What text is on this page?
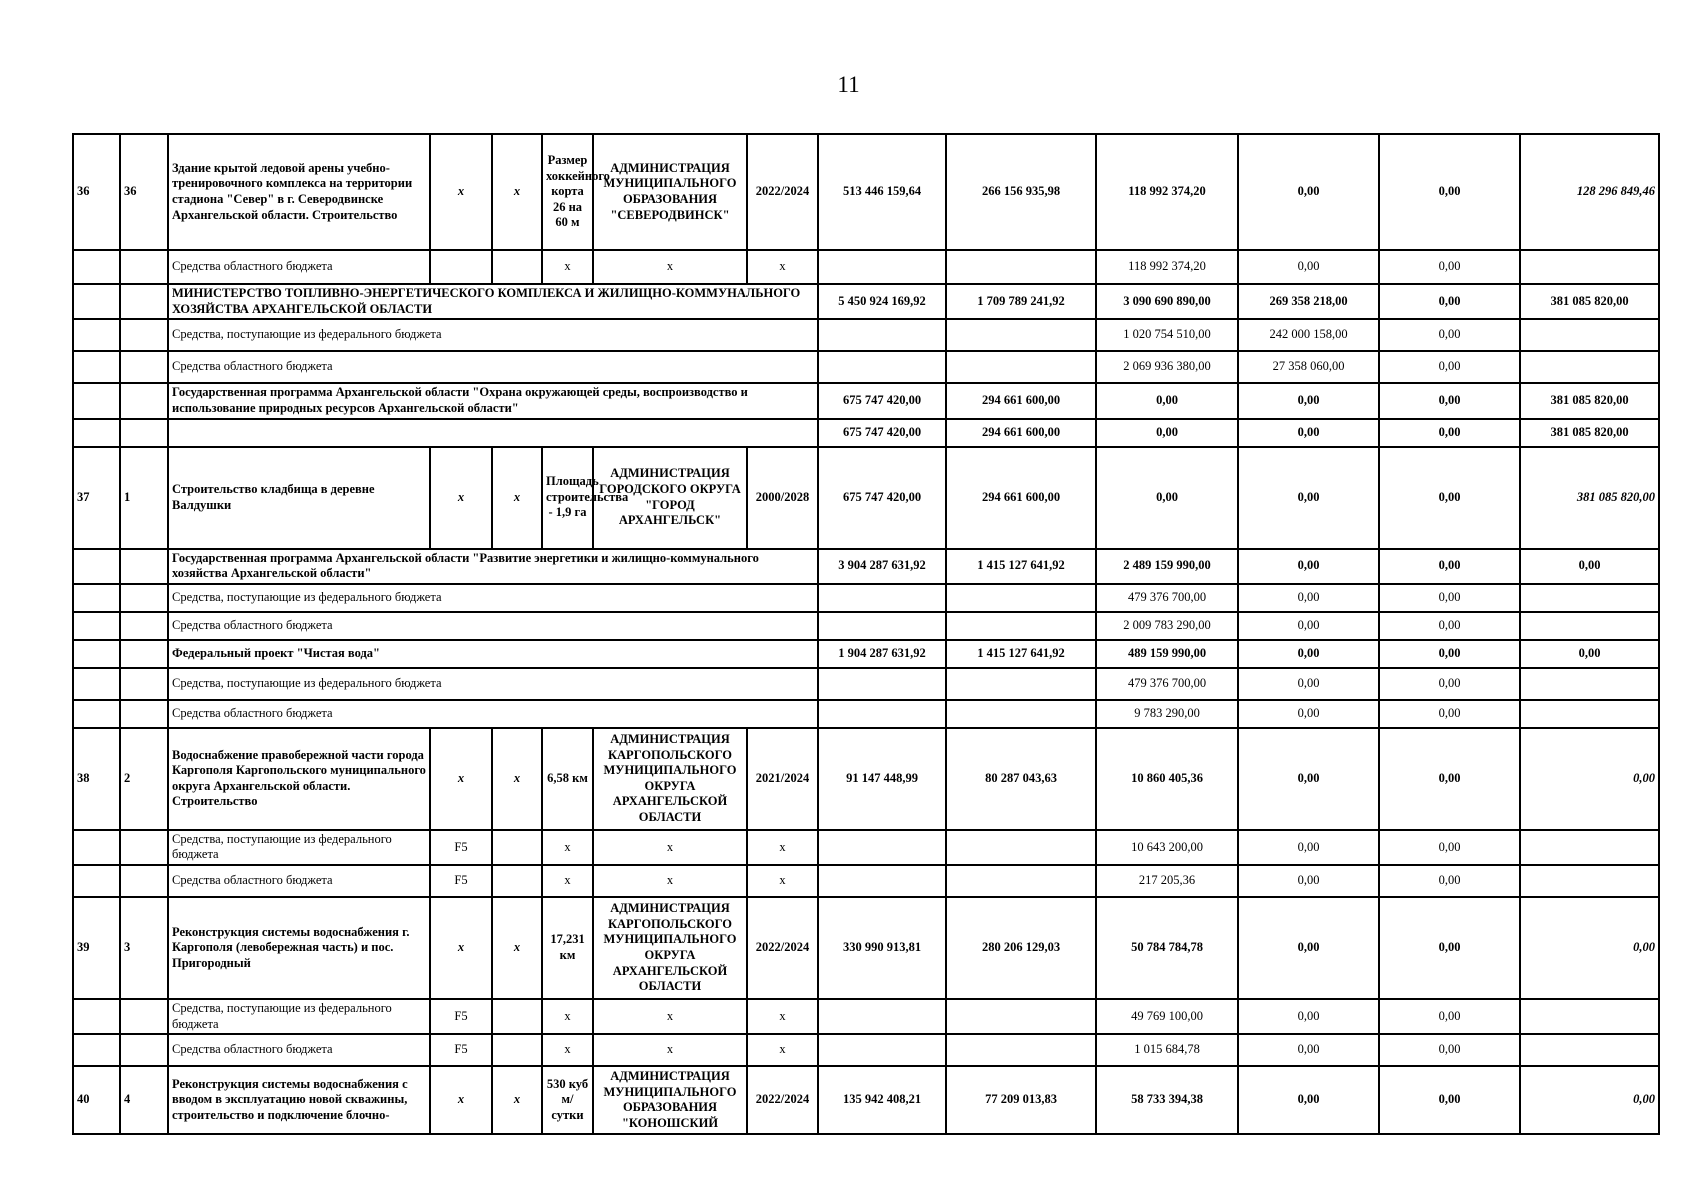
11
36	36	Здание крытой ледовой арены учебно-тренировочного комплекса на территории стадиона "Север" в г. Северодвинске Архангельской области. Строительство	x	x	Размер хоккейного корта 26 на 60 м	АДМИНИСТРАЦИЯ МУНИЦИПАЛЬНОГО ОБРАЗОВАНИЯ "СЕВЕРОДВИНСК"	2022/2024	513 446 159,64	266 156 935,98	118 992 374,20	0,00	0,00	128 296 849,46
		Средства областного бюджета			x	x	x			118 992 374,20	0,00	0,00	
		МИНИСТЕРСТВО ТОПЛИВНО-ЭНЕРГЕТИЧЕСКОГО КОМПЛЕКСА И ЖИЛИЩНО-КОММУНАЛЬНОГО ХОЗЯЙСТВА АРХАНГЕЛЬСКОЙ ОБЛАСТИ						5 450 924 169,92	1 709 789 241,92	3 090 690 890,00	269 358 218,00	0,00	381 085 820,00
		Средства, поступающие из федерального бюджета								1 020 754 510,00	242 000 158,00	0,00	
		Средства областного бюджета								2 069 936 380,00	27 358 060,00	0,00	
		Государственная программа Архангельской области "Охрана окружающей среды, воспроизводство и использование природных ресурсов Архангельской области"						675 747 420,00	294 661 600,00	0,00	0,00	0,00	381 085 820,00
								675 747 420,00	294 661 600,00	0,00	0,00	0,00	381 085 820,00
37	1	Строительство кладбища в деревне Валдушки	x	x	Площадь строительства - 1,9 га	АДМИНИСТРАЦИЯ ГОРОДСКОГО ОКРУГА "ГОРОД АРХАНГЕЛЬСК"	2000/2028	675 747 420,00	294 661 600,00	0,00	0,00	0,00	381 085 820,00
		Государственная программа Архангельской области "Развитие энергетики и жилищно-коммунального хозяйства Архангельской области"						3 904 287 631,92	1 415 127 641,92	2 489 159 990,00	0,00	0,00	0,00
		Средства, поступающие из федерального бюджета								479 376 700,00	0,00	0,00	
		Средства областного бюджета								2 009 783 290,00	0,00	0,00	
		Федеральный проект "Чистая вода"						1 904 287 631,92	1 415 127 641,92	489 159 990,00	0,00	0,00	0,00
		Средства, поступающие из федерального бюджета								479 376 700,00	0,00	0,00	
		Средства областного бюджета								9 783 290,00	0,00	0,00	
38	2	Водоснабжение правобережной части города Каргополя Каргопольского муниципального округа Архангельской области. Строительство	x	x	6,58 км	АДМИНИСТРАЦИЯ КАРГОПОЛЬСКОГО МУНИЦИПАЛЬНОГО ОКРУГА АРХАНГЕЛЬСКОЙ ОБЛАСТИ	2021/2024	91 147 448,99	80 287 043,63	10 860 405,36	0,00	0,00	0,00
		Средства, поступающие из федерального бюджета	F5		x	x	x			10 643 200,00	0,00	0,00	
		Средства областного бюджета	F5		x	x	x			217 205,36	0,00	0,00	
39	3	Реконструкция системы водоснабжения г. Каргополя (левобережная часть) и пос. Пригородный	x	x	17,231 км	АДМИНИСТРАЦИЯ КАРГОПОЛЬСКОГО МУНИЦИПАЛЬНОГО ОКРУГА АРХАНГЕЛЬСКОЙ ОБЛАСТИ	2022/2024	330 990 913,81	280 206 129,03	50 784 784,78	0,00	0,00	0,00
		Средства, поступающие из федерального бюджета	F5		x	x	x			49 769 100,00	0,00	0,00	
		Средства областного бюджета	F5		x	x	x			1 015 684,78	0,00	0,00	
40	4	Реконструкция системы водоснабжения с вводом в эксплуатацию новой скважины, строительство и подключение блочно-	x	x	530 куб м/сутки	АДМИНИСТРАЦИЯ МУНИЦИПАЛЬНОГО ОБРАЗОВАНИЯ "КОНОШСКИЙ	2022/2024	135 942 408,21	77 209 013,83	58 733 394,38	0,00	0,00	0,00
